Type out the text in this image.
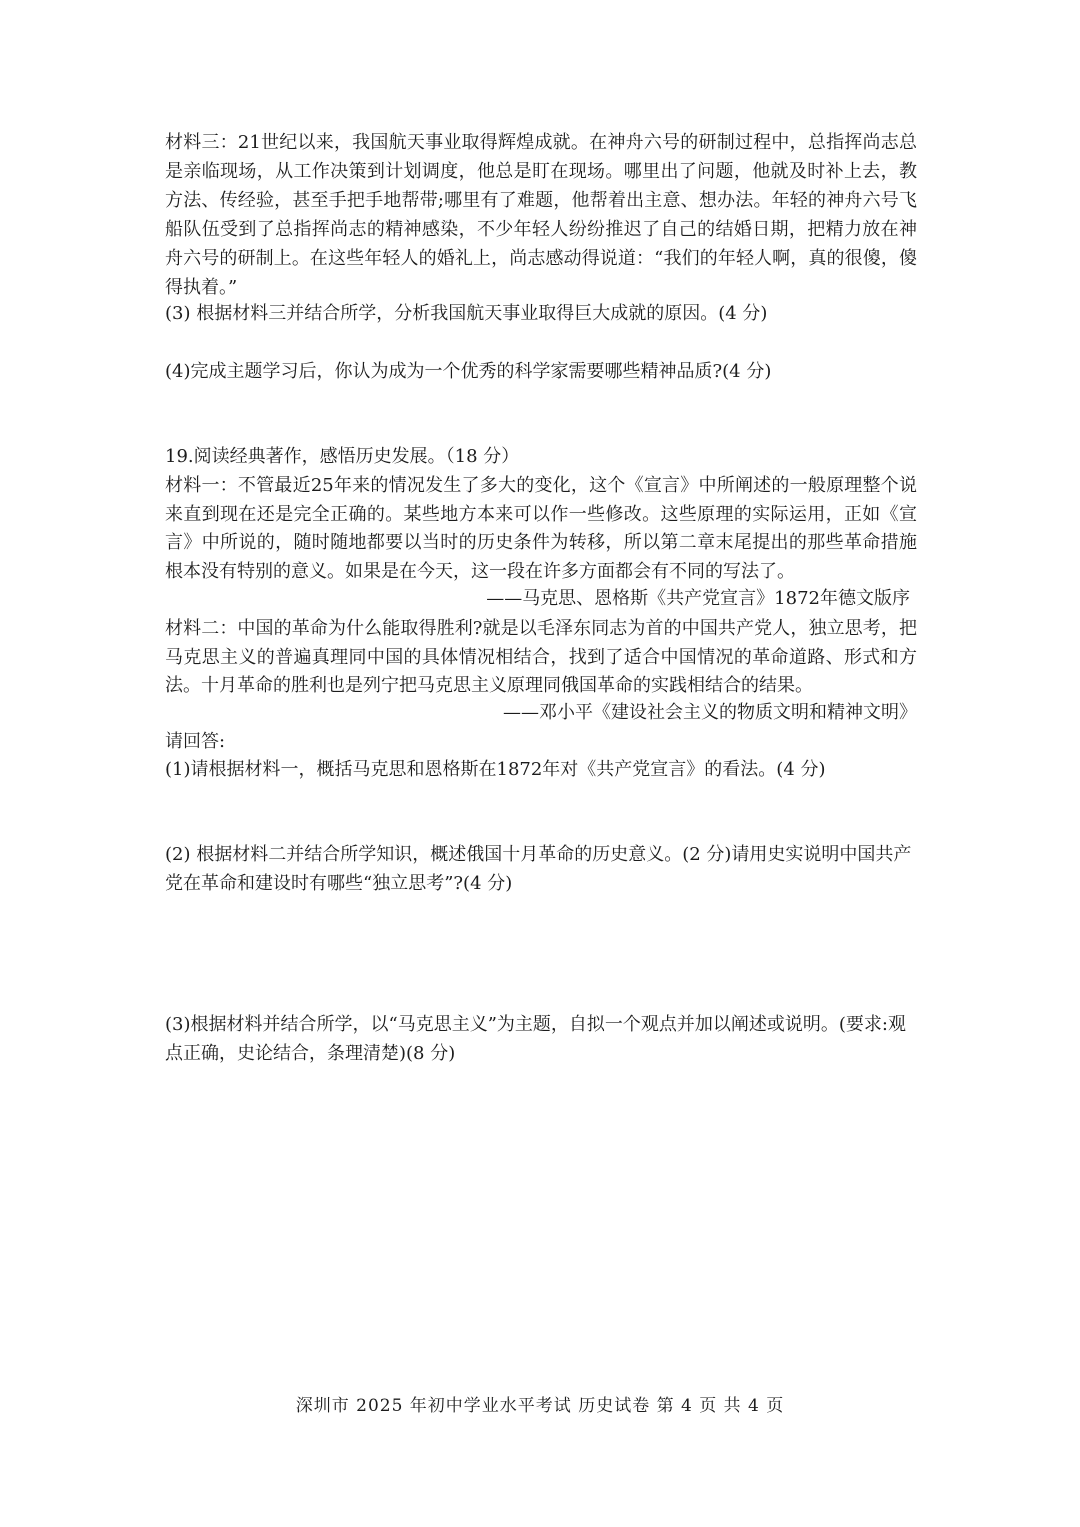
材料三：21世纪以来，我国航天事业取得辉煌成就。在神舟六号的研制过程中，总指挥尚志总是亲临现场，从工作决策到计划调度，他总是盯在现场。哪里出了问题，他就及时补上去，教方法、传经验，甚至手把手地帮带;哪里有了难题，他帮着出主意、想办法。年轻的神舟六号飞船队伍受到了总指挥尚志的精神感染，不少年轻人纷纷推迟了自己的结婚日期，把精力放在神舟六号的研制上。在这些年轻人的婚礼上，尚志感动得说道：“我们的年轻人啊，真的很傻，傻得执着。”
(3) 根据材料三并结合所学，分析我国航天事业取得巨大成就的原因。(4 分)
(4)完成主题学习后，你认为成为一个优秀的科学家需要哪些精神品质?(4 分)
19.阅读经典著作，感悟历史发展。（18 分）
材料一：不管最近25年来的情况发生了多大的变化，这个《宣言》中所阐述的一般原理整个说来直到现在还是完全正确的。某些地方本来可以作一些修改。这些原理的实际运用，正如《宣言》中所说的，随时随地都要以当时的历史条件为转移，所以第二章末尾提出的那些革命措施根本没有特别的意义。如果是在今天，这一段在许多方面都会有不同的写法了。
——马克思、恩格斯《共产党宣言》1872年德文版序
材料二：中国的革命为什么能取得胜利?就是以毛泽东同志为首的中国共产党人，独立思考，把马克思主义的普遍真理同中国的具体情况相结合，找到了适合中国情况的革命道路、形式和方法。十月革命的胜利也是列宁把马克思主义原理同俄国革命的实践相结合的结果。
——邓小平《建设社会主义的物质文明和精神文明》
请回答:
(1)请根据材料一，概括马克思和恩格斯在1872年对《共产党宣言》的看法。(4 分)
(2) 根据材料二并结合所学知识，概述俄国十月革命的历史意义。(2 分)请用史实说明中国共产党在革命和建设时有哪些“独立思考”?(4 分)
(3)根据材料并结合所学，以“马克思主义”为主题，自拟一个观点并加以阐述或说明。(要求:观点正确，史论结合，条理清楚)(8 分)
深圳市 2025 年初中学业水平考试 历史试卷 第 4 页 共 4 页
